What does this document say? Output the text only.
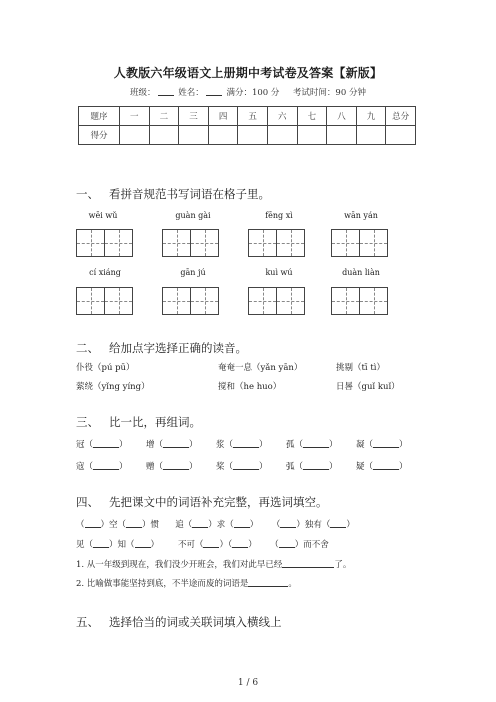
人教版六年级语文上册期中考试卷及答案【新版】
班级：	姓名：	满分：100 分 考试时间：90 分钟
题序	一	二	三	四	五	六	七	八	九	总分
得分										
一、 看拼音规范书写词语在格子里。
wēi wǔ	guàn gài	fēng xì	wān yán
cí xiáng	gān jú	kuì wú	duàn liàn
二、 给加点字选择正确的读音。
仆役（pú pū）	奄奄一息（yǎn yān）	挑剔（tī tì）
萦绕（yǐng yíng）	搅和（he huo）	日晷（guǐ kuǐ）
三、 比一比，再组词。
冠（	） 增（	） 浆（	） 孤（	） 凝（	）
寇（	） 赠（	） 桨（	） 弧（	） 疑（	）
四、 先把课文中的词语补充完整，再选词填空。
（ ）空（ ）惯 追（ ）求（ ） （ ）独有（ ）
见（ ）知（ ） 不可（ ）（ ） （ ）而不舍
1. 从一年级到现在，我们没少开班会，我们对此早已经	了。
2. 比喻做事能坚持到底，不半途而废的词语是	。
五、 选择恰当的词或关联词填入横线上
1 / 6
